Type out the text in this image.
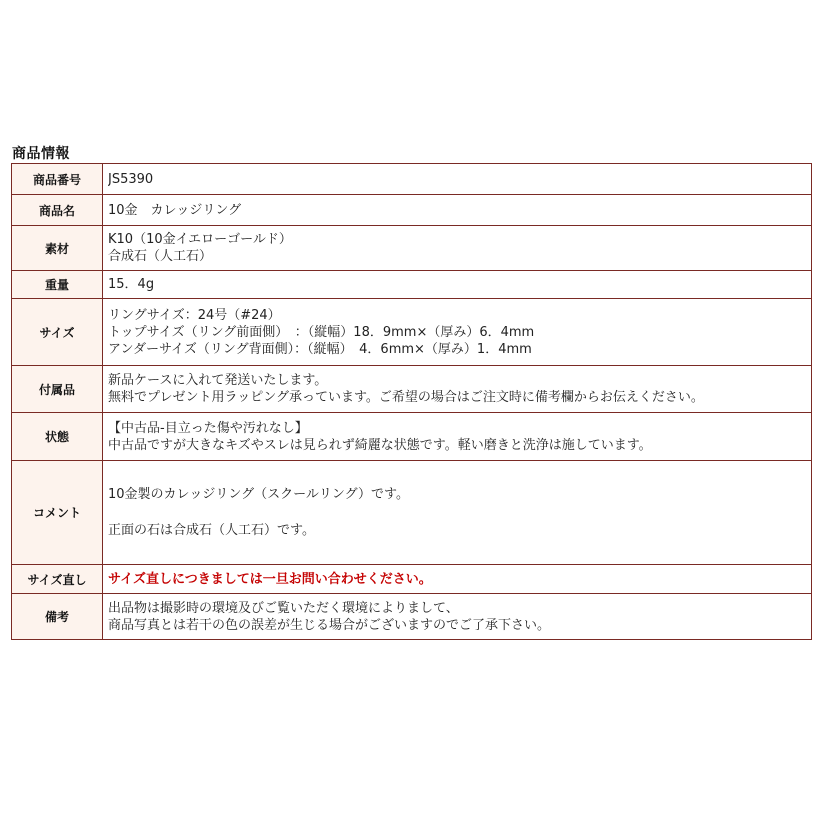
商品情報
商品番号	JS5390

商品名	10金　カレッジリング

素材	K10（10金イエローゴールド）
合成石（人工石）

重量	15．4g

サイズ	リングサイズ：24号（#24）
トップサイズ（リング前面側）　：（縦幅）18．9mm×（厚み）6．4mm
アンダーサイズ（リング背面側）：（縦幅）　4．6mm×（厚み）1．4mm

付属品	新品ケースに入れて発送いたします。
無料でプレゼント用ラッピング承っています。ご希望の場合はご注文時に備考欄からお伝えください。

状態	【中古品-目立った傷や汚れなし】
中古品ですが大きなキズやスレは見られず綺麗な状態です。軽い磨きと洗浄は施しています。

コメント	10金製のカレッジリング（スクールリング）です。
正面の石は合成石（人工石）です。

サイズ直し	サイズ直しにつきましては一旦お問い合わせください。

備考	出品物は撮影時の環境及びご覧いただく環境によりまして、
商品写真とは若干の色の誤差が生じる場合がございますのでご了承下さい。
